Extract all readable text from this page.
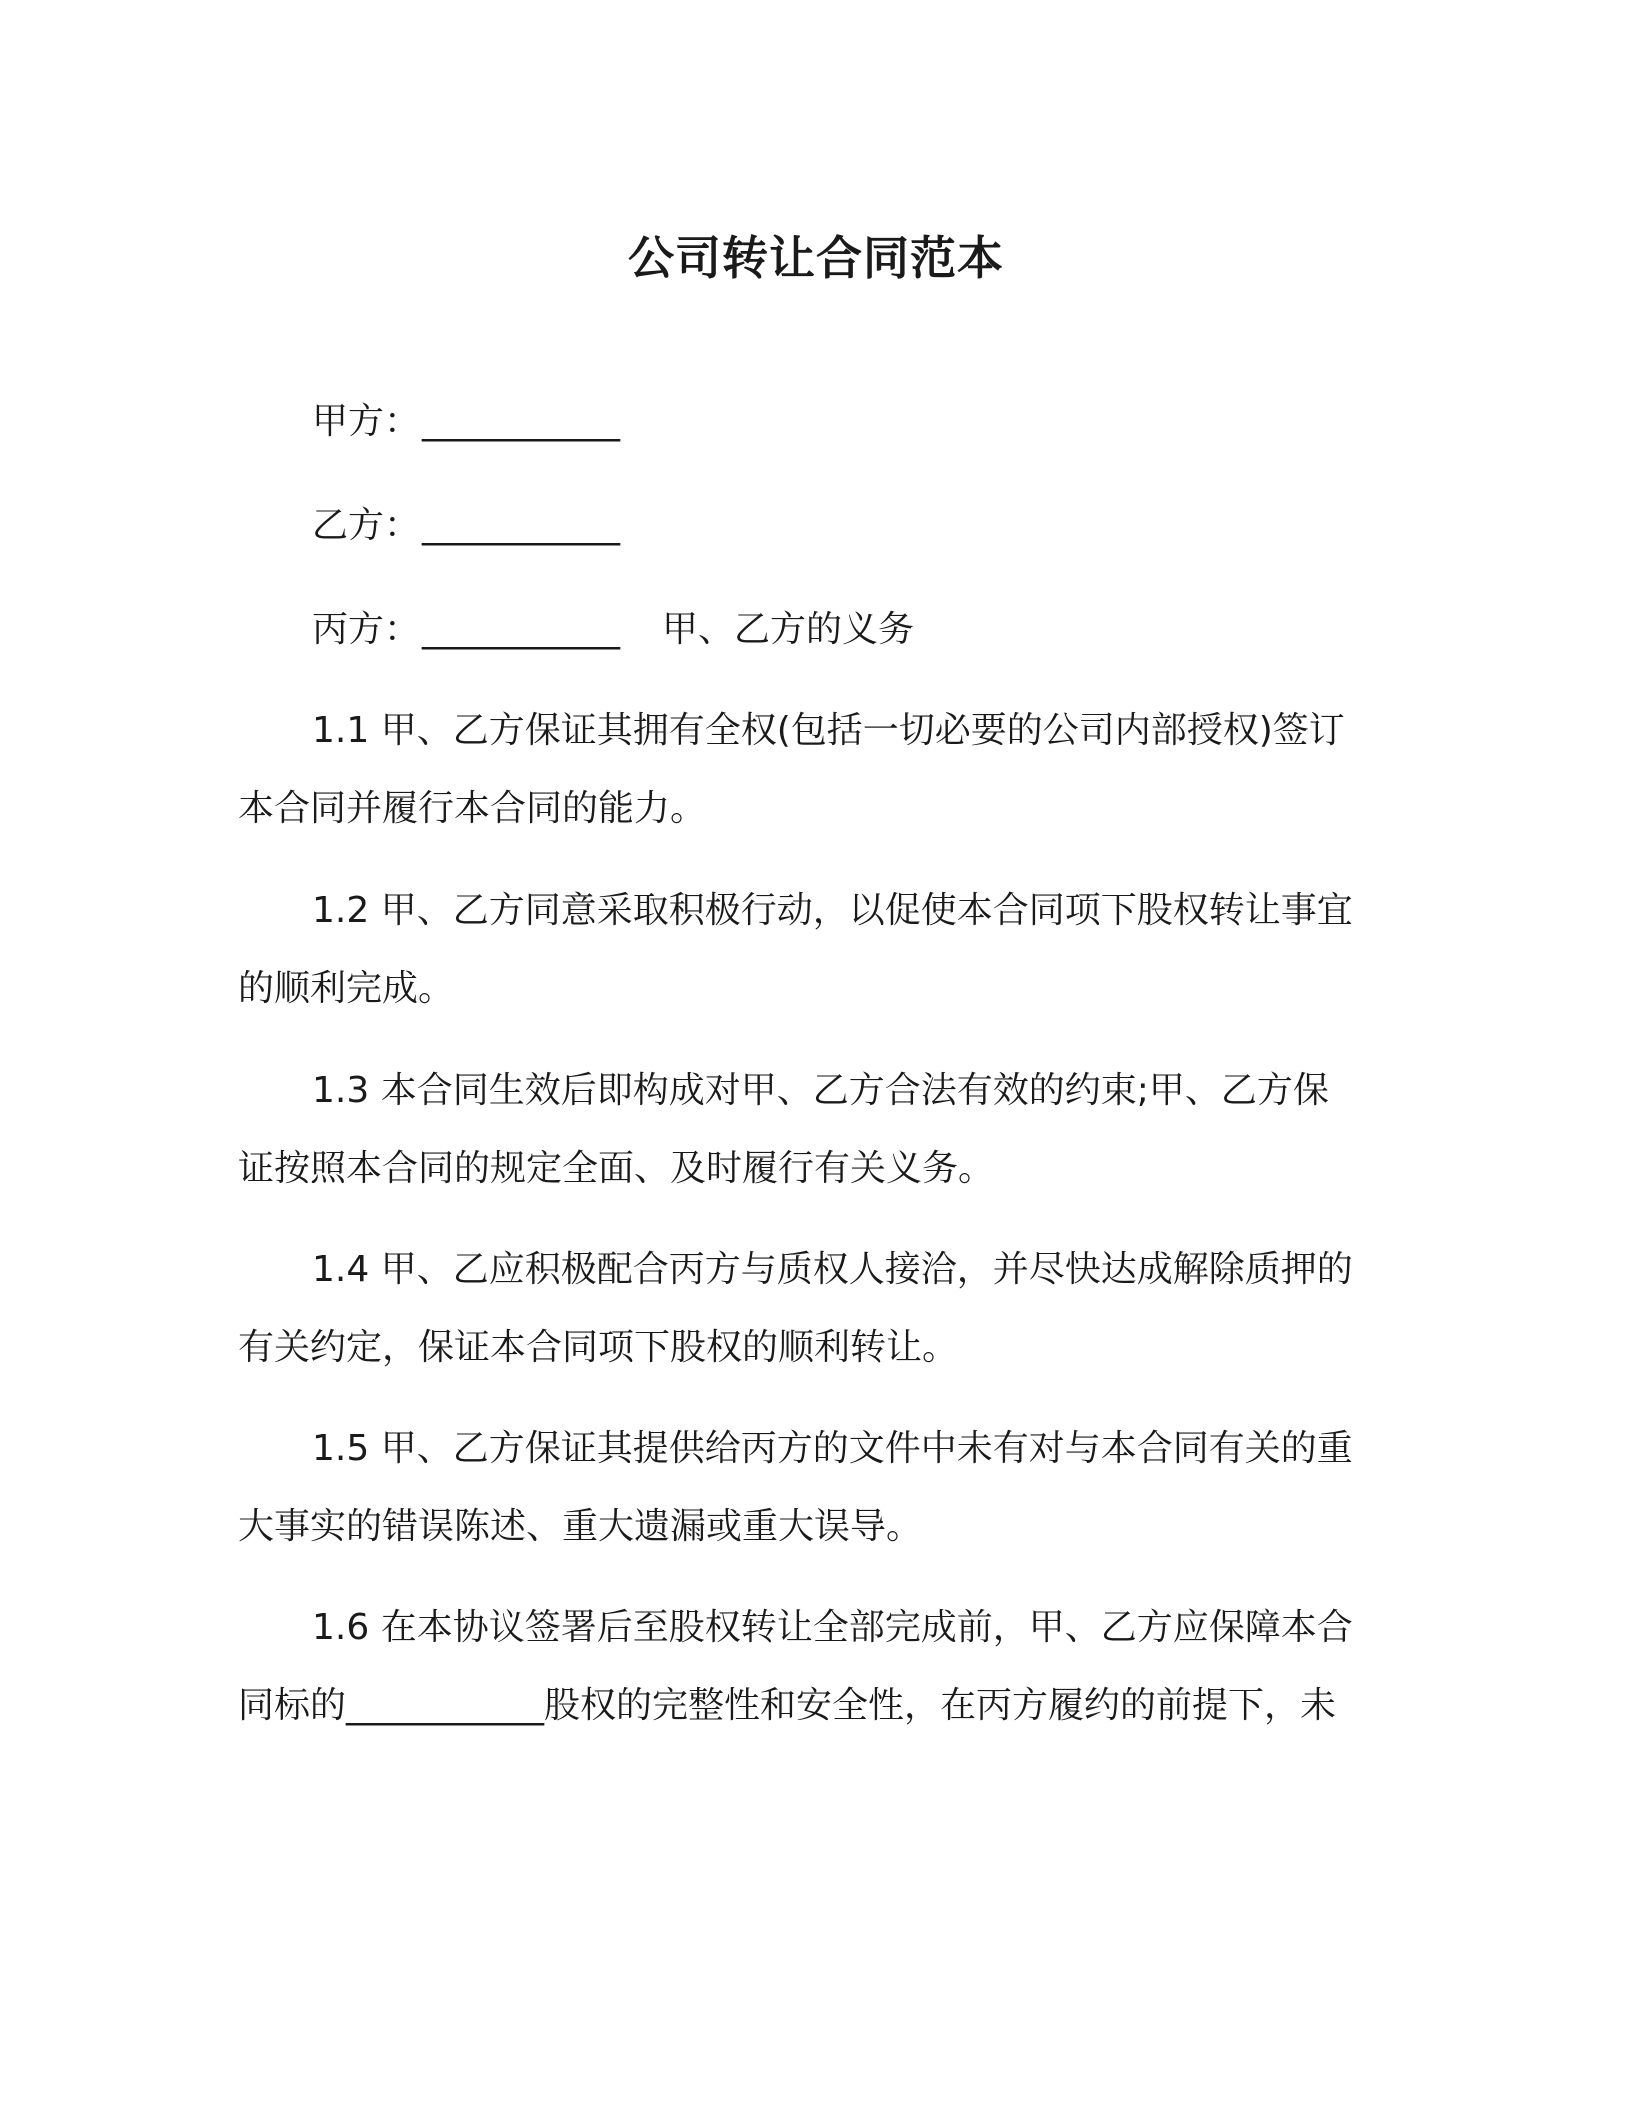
公司转让合同范本
甲方：___________
乙方：___________
丙方：___________ 甲、乙方的义务

1.1 甲、乙方保证其拥有全权(包括一切必要的公司内部授权)签订
本合同并履行本合同的能力。

1.2 甲、乙方同意采取积极行动，以促使本合同项下股权转让事宜
的顺利完成。

1.3 本合同生效后即构成对甲、乙方合法有效的约束;甲、乙方保
证按照本合同的规定全面、及时履行有关义务。

1.4 甲、乙应积极配合丙方与质权人接洽，并尽快达成解除质押的
有关约定，保证本合同项下股权的顺利转让。

1.5 甲、乙方保证其提供给丙方的文件中未有对与本合同有关的重
大事实的错误陈述、重大遗漏或重大误导。

1.6 在本协议签署后至股权转让全部完成前，甲、乙方应保障本合
同标的___________股权的完整性和安全性，在丙方履约的前提下，未
